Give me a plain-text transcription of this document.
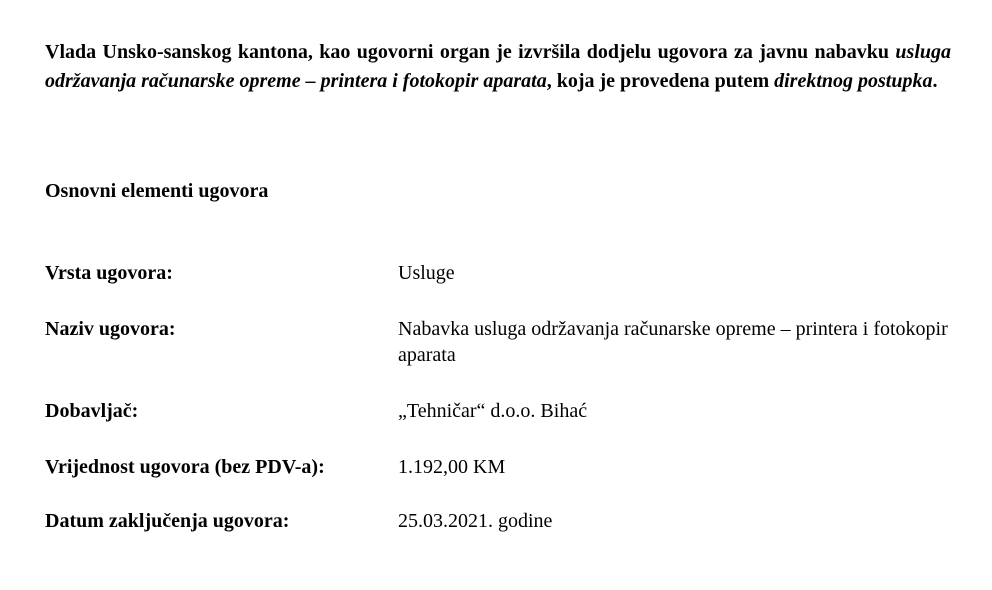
Vlada Unsko-sanskog kantona, kao ugovorni organ je izvršila dodjelu ugovora za javnu nabavku usluga održavanja računarske opreme – printera i fotokopir aparata, koja je provedena putem direktnog postupka.

Osnovni elementi ugovora

Vrsta ugovora:	Usluge
Naziv ugovora:	Nabavka usluga održavanja računarske opreme – printera i fotokopir aparata
Dobavljač:	„Tehničar“ d.o.o. Bihać
Vrijednost ugovora (bez PDV-a):	1.192,00 KM
Datum zaključenja ugovora:	25.03.2021. godine
